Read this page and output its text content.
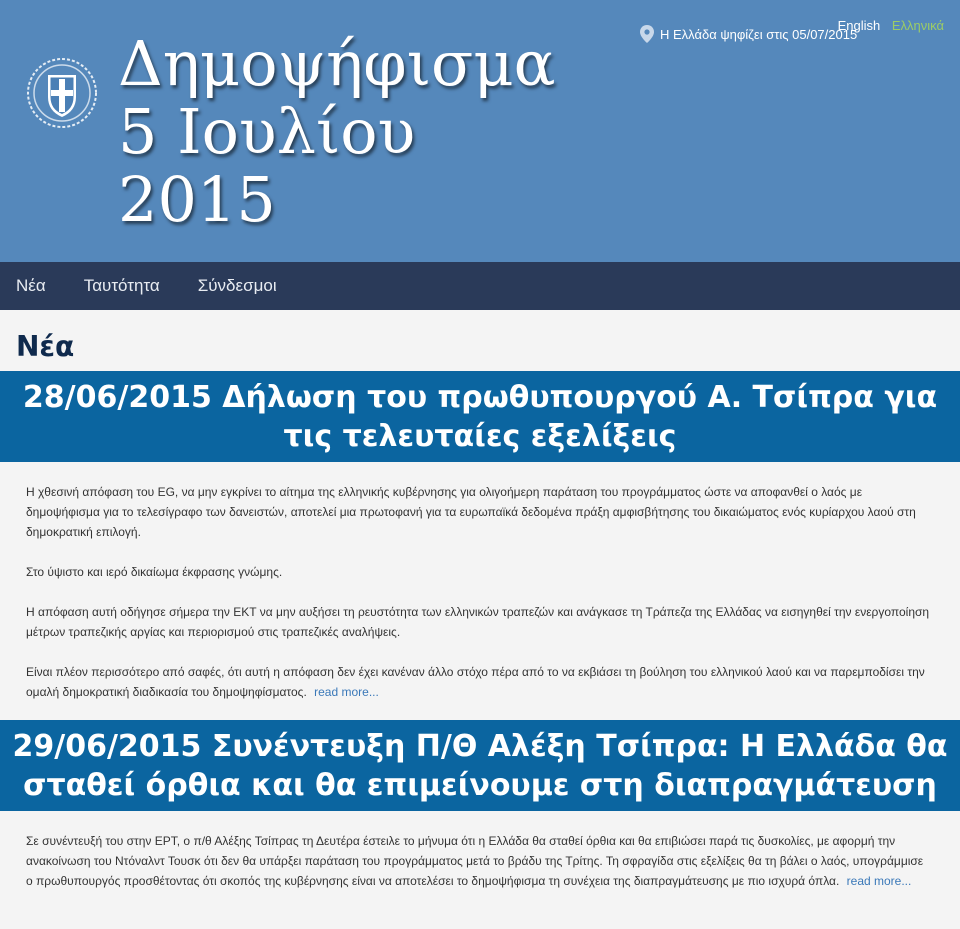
Δημοψήφισμα
5 Ιουλίου
2015
Η Ελλάδα ψηφίζει στις 05/07/2015
English Ελληνικά
Νέα Ταυτότητα Σύνδεσμοι
Νέα
28/06/2015 Δήλωση του πρωθυπουργού Α. Τσίπρα για τις τελευταίες εξελίξεις

Η χθεσινή απόφαση του EG, να μην εγκρίνει το αίτημα της ελληνικής κυβέρνησης για ολιγοήμερη παράταση του προγράμματος ώστε να αποφανθεί ο λαός με δημοψήφισμα για το τελεσίγραφο των δανειστών, αποτελεί μια πρωτοφανή για τα ευρωπαϊκά δεδομένα πράξη αμφισβήτησης του δικαιώματος ενός κυρίαρχου λαού στη δημοκρατική επιλογή.

Στο ύψιστο και ιερό δικαίωμα έκφρασης γνώμης.

Η απόφαση αυτή οδήγησε σήμερα την ΕΚΤ να μην αυξήσει τη ρευστότητα των ελληνικών τραπεζών και ανάγκασε τη Τράπεζα της Ελλάδας να εισηγηθεί την ενεργοποίηση μέτρων τραπεζικής αργίας και περιορισμού στις τραπεζικές αναλήψεις.

Είναι πλέον περισσότερο από σαφές, ότι αυτή η απόφαση δεν έχει κανέναν άλλο στόχο πέρα από το να εκβιάσει τη βούληση του ελληνικού λαού και να παρεμποδίσει την ομαλή δημοκρατική διαδικασία του δημοψηφίσματος. read more...

29/06/2015 Συνέντευξη Π/Θ Αλέξη Τσίπρα: Η Ελλάδα θα σταθεί όρθια και θα επιμείνουμε στη διαπραγμάτευση

Σε συνέντευξή του στην ΕΡΤ, ο π/θ Αλέξης Τσίπρας τη Δευτέρα έστειλε το μήνυμα ότι η Ελλάδα θα σταθεί όρθια και θα επιβιώσει παρά τις δυσκολίες, με αφορμή την ανακοίνωση του Ντόναλντ Τουσκ ότι δεν θα υπάρξει παράταση του προγράμματος μετά το βράδυ της Τρίτης. Τη σφραγίδα στις εξελίξεις θα τη βάλει ο λαός, υπογράμμισε ο πρωθυπουργός προσθέτοντας ότι σκοπός της κυβέρνησης είναι να αποτελέσει το δημοψήφισμα τη συνέχεια της διαπραγμάτευσης με πιο ισχυρά όπλα. read more...
